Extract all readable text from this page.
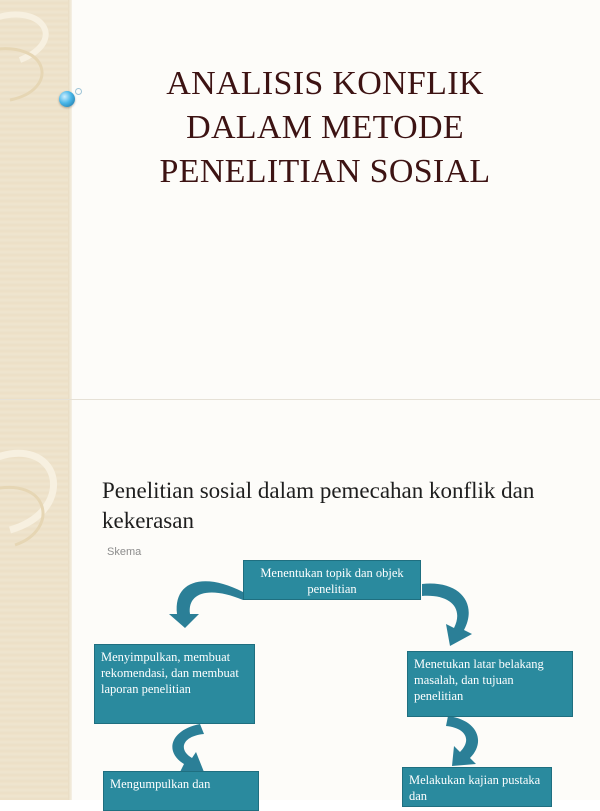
ANALISIS KONFLIK
DALAM METODE
PENELITIAN SOSIAL
Penelitian sosial dalam pemecahan konflik dan kekerasan
Skema
Menentukan topik dan objek penelitian
Menetukan latar belakang masalah, dan tujuan penelitian
Menyimpulkan, membuat rekomendasi, dan membuat laporan penelitian
Melakukan kajian pustaka dan
Mengumpulkan dan
